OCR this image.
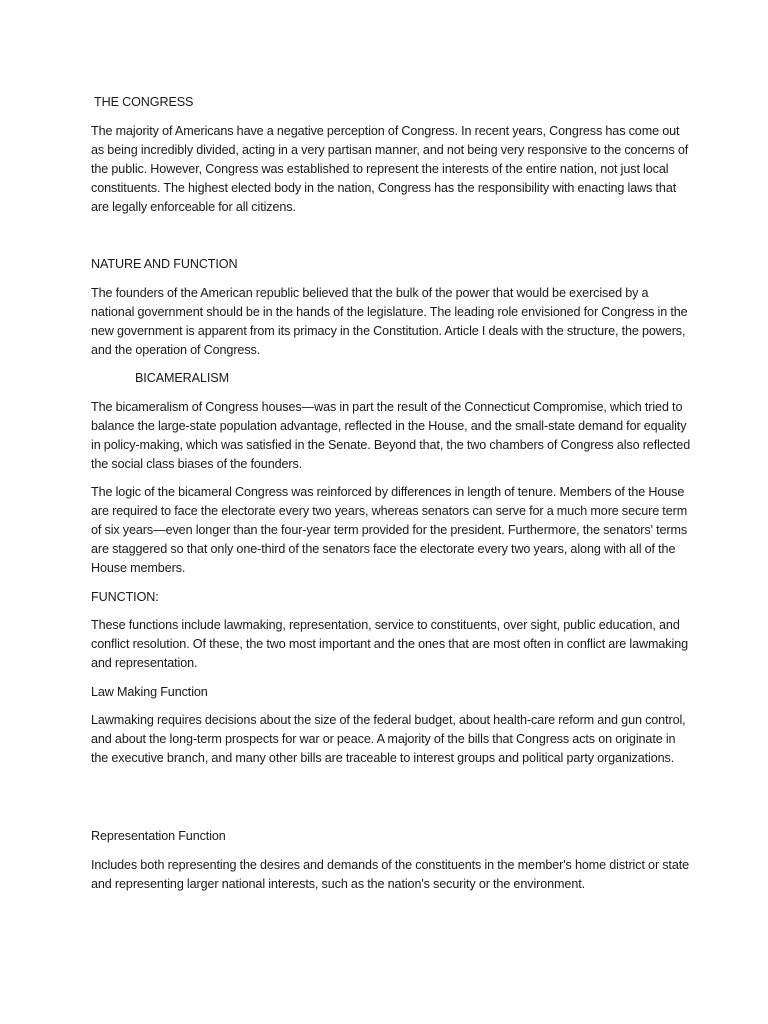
THE CONGRESS

The majority of Americans have a negative perception of Congress. In recent years, Congress has come out as being incredibly divided, acting in a very partisan manner, and not being very responsive to the concerns of the public. However, Congress was established to represent the interests of the entire nation, not just local constituents. The highest elected body in the nation, Congress has the responsibility with enacting laws that are legally enforceable for all citizens.

NATURE AND FUNCTION

The founders of the American republic believed that the bulk of the power that would be exercised by a national government should be in the hands of the legislature. The leading role envisioned for Congress in the new government is apparent from its primacy in the Constitution. Article I deals with the structure, the powers, and the operation of Congress.

BICAMERALISM

The bicameralism of Congress houses—was in part the result of the Connecticut Compromise, which tried to balance the large-state population advantage, reflected in the House, and the small-state demand for equality in policy-making, which was satisfied in the Senate. Beyond that, the two chambers of Congress also reflected the social class biases of the founders.

The logic of the bicameral Congress was reinforced by differences in length of tenure. Members of the House are required to face the electorate every two years, whereas senators can serve for a much more secure term of six years—even longer than the four-year term provided for the president. Furthermore, the senators' terms are staggered so that only one-third of the senators face the electorate every two years, along with all of the House members.

FUNCTION:

These functions include lawmaking, representation, service to constituents, over sight, public education, and conflict resolution. Of these, the two most important and the ones that are most often in conflict are lawmaking and representation.

Law Making Function

Lawmaking requires decisions about the size of the federal budget, about health-care reform and gun control, and about the long-term prospects for war or peace. A majority of the bills that Congress acts on originate in the executive branch, and many other bills are traceable to interest groups and political party organizations.

Representation Function

Includes both representing the desires and demands of the constituents in the member's home district or state and representing larger national interests, such as the nation's security or the environment.
